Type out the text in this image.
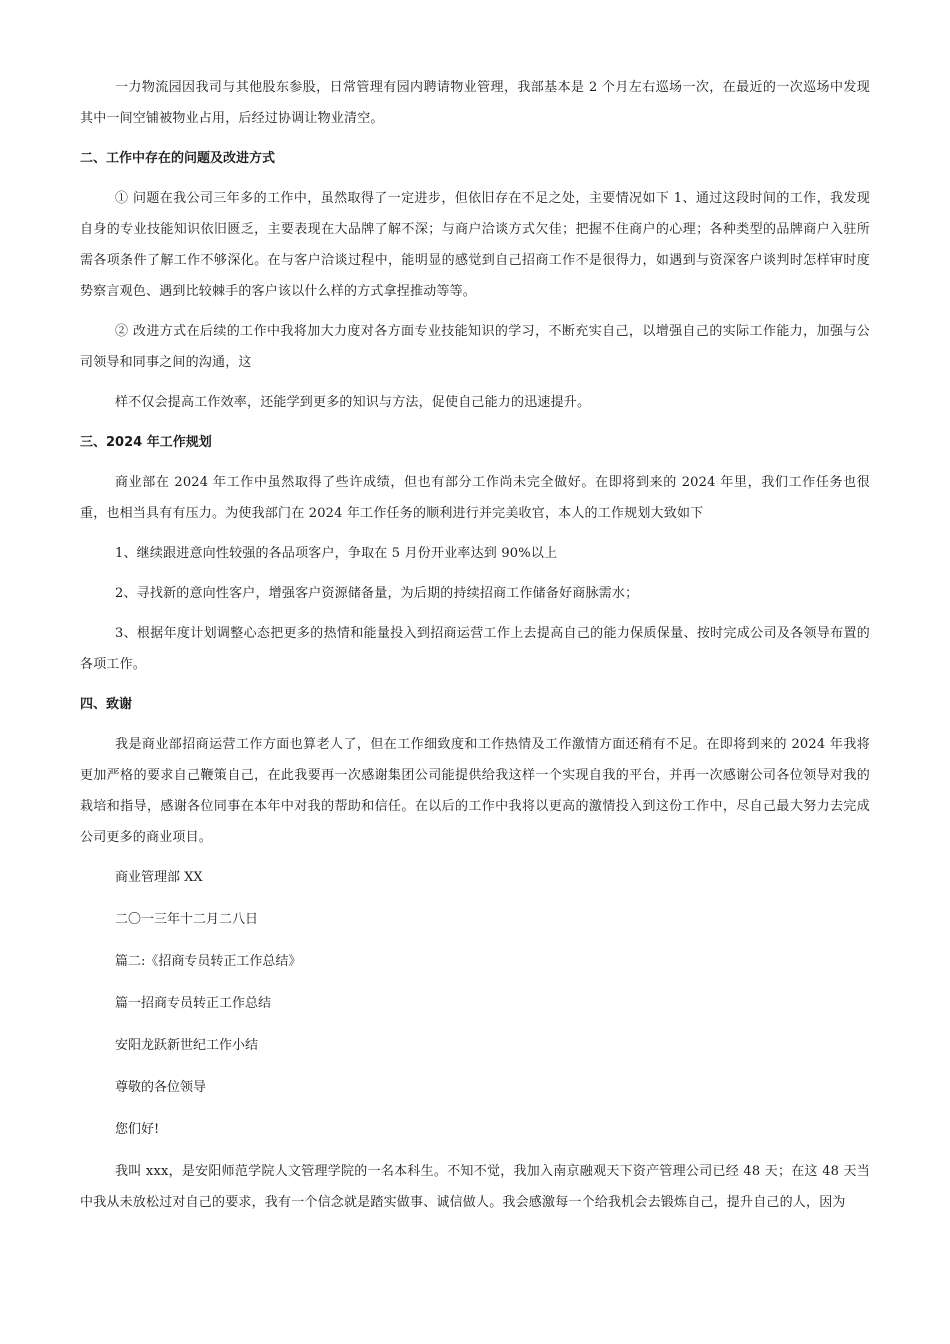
一力物流园因我司与其他股东参股，日常管理有园内聘请物业管理，我部基本是 2 个月左右巡场一次，在最近的一次巡场中发现其中一间空铺被物业占用，后经过协调让物业清空。

二、工作中存在的问题及改进方式

① 问题在我公司三年多的工作中，虽然取得了一定进步，但依旧存在不足之处，主要情况如下 1、通过这段时间的工作，我发现自身的专业技能知识依旧匮乏，主要表现在大品牌了解不深；与商户洽谈方式欠佳；把握不住商户的心理；各种类型的品牌商户入驻所需各项条件了解工作不够深化。在与客户洽谈过程中，能明显的感觉到自己招商工作不是很得力，如遇到与资深客户谈判时怎样审时度势察言观色、遇到比较棘手的客户该以什么样的方式拿捏推动等等。

② 改进方式在后续的工作中我将加大力度对各方面专业技能知识的学习，不断充实自己，以增强自己的实际工作能力，加强与公司领导和同事之间的沟通，这

样不仅会提高工作效率，还能学到更多的知识与方法，促使自己能力的迅速提升。

三、2024 年工作规划

商业部在 2024 年工作中虽然取得了些许成绩，但也有部分工作尚未完全做好。在即将到来的 2024 年里，我们工作任务也很重，也相当具有有压力。为使我部门在 2024 年工作任务的顺利进行并完美收官，本人的工作规划大致如下

1、继续跟进意向性较强的各品项客户，争取在 5 月份开业率达到 90%以上

2、寻找新的意向性客户，增强客户资源储备量，为后期的持续招商工作储备好商脉需水；

3、根据年度计划调整心态把更多的热情和能量投入到招商运营工作上去提高自己的能力保质保量、按时完成公司及各领导布置的各项工作。

四、致谢

我是商业部招商运营工作方面也算老人了，但在工作细致度和工作热情及工作激情方面还稍有不足。在即将到来的 2024 年我将更加严格的要求自己鞭策自己，在此我要再一次感谢集团公司能提供给我这样一个实现自我的平台，并再一次感谢公司各位领导对我的栽培和指导，感谢各位同事在本年中对我的帮助和信任。在以后的工作中我将以更高的激情投入到这份工作中，尽自己最大努力去完成公司更多的商业项目。

商业管理部 XX

二〇一三年十二月二八日

篇二:《招商专员转正工作总结》

篇一招商专员转正工作总结

安阳龙跃新世纪工作小结

尊敬的各位领导

您们好!

我叫 xxx，是安阳师范学院人文管理学院的一名本科生。不知不觉，我加入南京融观天下资产管理公司已经 48 天；在这 48 天当中我从未放松过对自己的要求，我有一个信念就是踏实做事、诚信做人。我会感激每一个给我机会去锻炼自己，提升自己的人，因为
